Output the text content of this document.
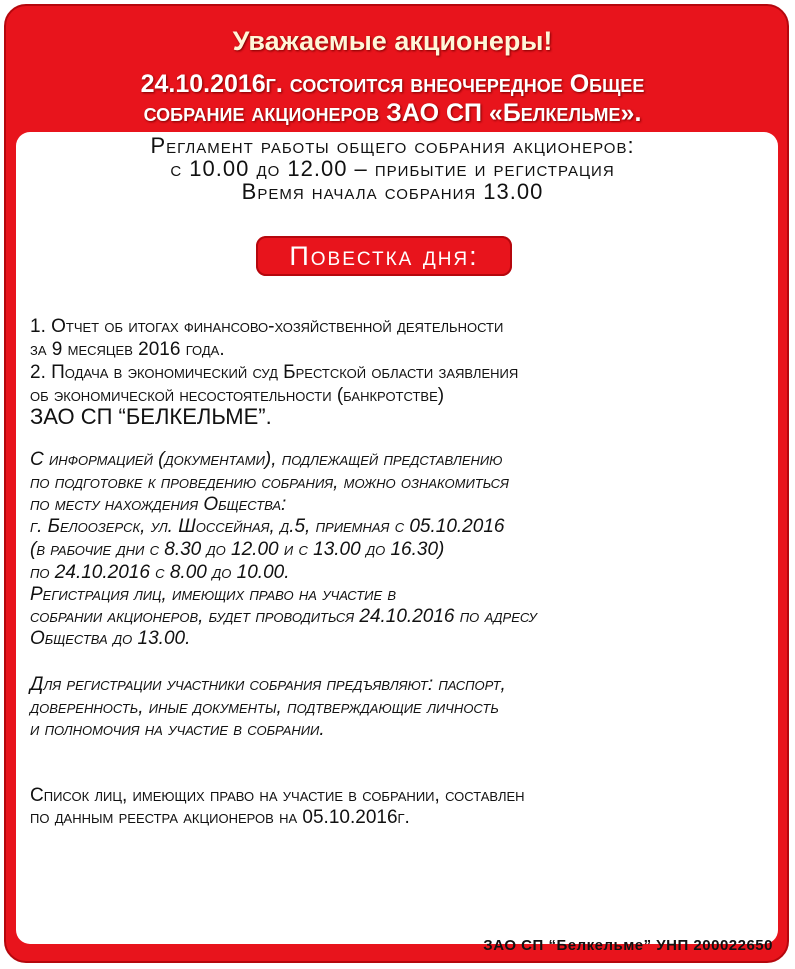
Уважаемые акционеры!
24.10.2016г. состоится внеочередное Общее
собрание акционеров ЗАО СП «Белкельме».
Регламент работы общего собрания акционеров:
с 10.00 до 12.00 – прибытие и регистрация
Время начала собрания 13.00
Повестка дня:
1. Отчет об итогах финансово-хозяйственной деятельности
за 9 месяцев 2016 года.
2. Подача в экономический суд Брестской области заявления
об экономической несостоятельности (банкротстве)
ЗАО СП “БЕЛКЕЛЬМЕ”.
С информацией (документами), подлежащей представлению
по подготовке к проведению собрания, можно ознакомиться
по месту нахождения Общества:
г. Белоозерск, ул. Шоссейная, д.5, приемная с 05.10.2016
(в рабочие дни с 8.30 до 12.00 и с 13.00 до 16.30)
по 24.10.2016 с 8.00 до 10.00.
Регистрация лиц, имеющих право на участие в
собрании акционеров, будет проводиться 24.10.2016 по адресу
Общества до 13.00.
Для регистрации участники собрания предъявляют: паспорт,
доверенность, иные документы, подтверждающие личность
и полномочия на участие в собрании.
Список лиц, имеющих право на участие в собрании, составлен
по данным реестра акционеров на 05.10.2016г.
ЗАО СП “Белкельме” УНП 200022650
